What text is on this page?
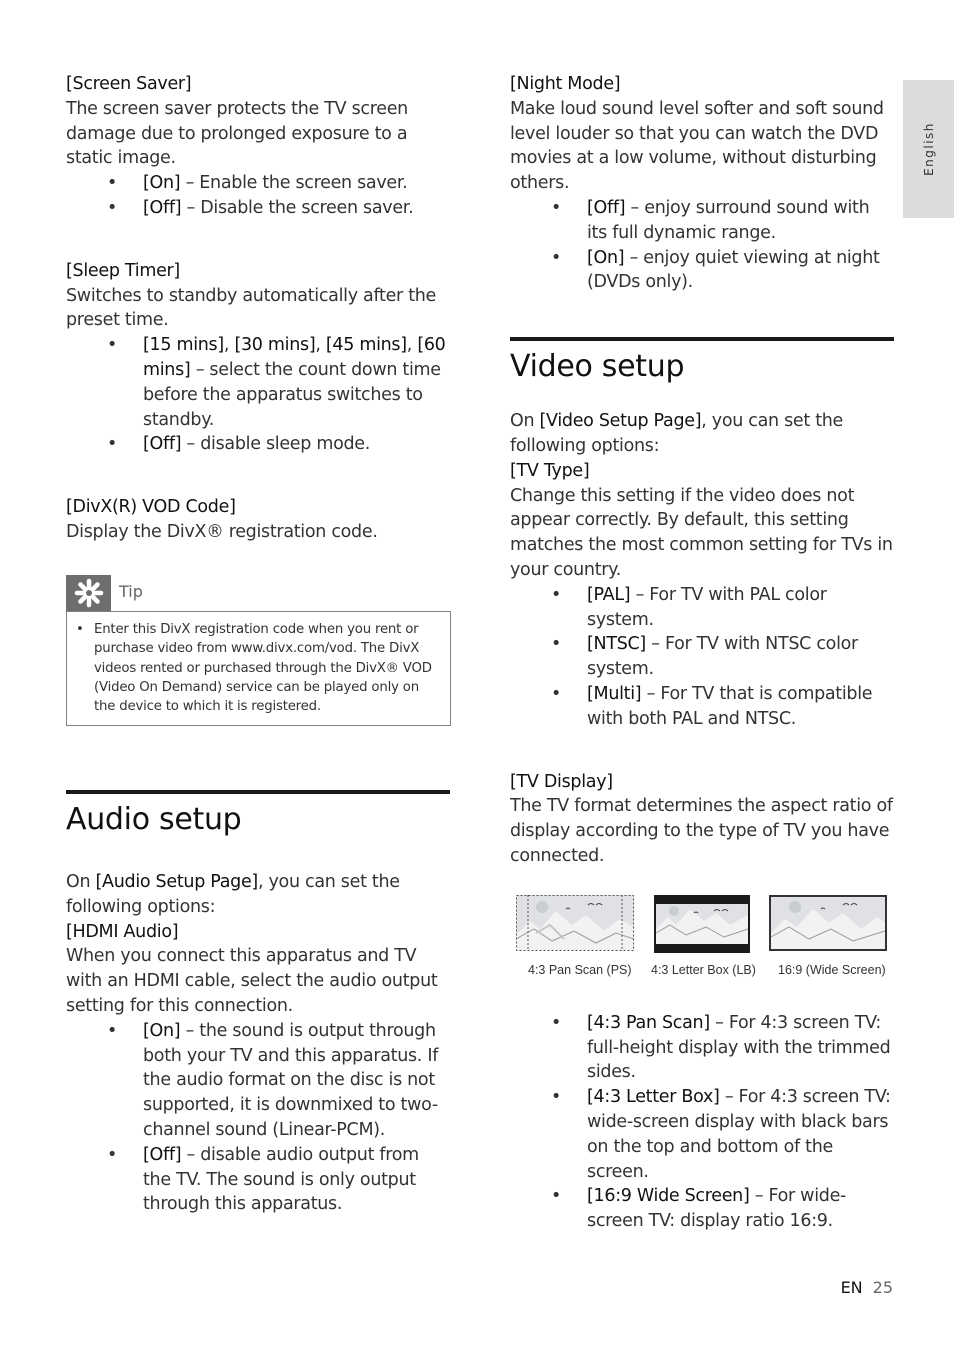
English

[Screen Saver]

The screen saver protects the TV screen damage due to prolonged exposure to a static image.

• [On] – Enable the screen saver.
• [Off] – Disable the screen saver.

[Sleep Timer]

Switches to standby automatically after the preset time.

• [15 mins], [30 mins], [45 mins], [60 mins] – select the count down time before the apparatus switches to standby.
• [Off] – disable sleep mode.

[DivX(R) VOD Code]

Display the DivX® registration code.

Tip
• Enter this DivX registration code when you rent or purchase video from www.divx.com/vod. The DivX videos rented or purchased through the DivX® VOD (Video On Demand) service can be played only on the device to which it is registered.
Audio setup

On [Audio Setup Page], you can set the following options:

[HDMI Audio]

When you connect this apparatus and TV with an HDMI cable, select the audio output setting for this connection.

• [On] – the sound is output through both your TV and this apparatus. If the audio format on the disc is not supported, it is downmixed to two-channel sound (Linear-PCM).
• [Off] – disable audio output from the TV. The sound is only output through this apparatus.

[Night Mode]

Make loud sound level softer and soft sound level louder so that you can watch the DVD movies at a low volume, without disturbing others.

• [Off] – enjoy surround sound with its full dynamic range.
• [On] – enjoy quiet viewing at night (DVDs only).
Video setup

On [Video Setup Page], you can set the following options:

[TV Type]

Change this setting if the video does not appear correctly. By default, this setting matches the most common setting for TVs in your country.

• [PAL] – For TV with PAL color system.
• [NTSC] – For TV with NTSC color system.
• [Multi] – For TV that is compatible with both PAL and NTSC.

[TV Display]

The TV format determines the aspect ratio of display according to the type of TV you have connected.

4:3 Pan Scan (PS) 4:3 Letter Box (LB) 16:9 (Wide Screen)
• [4:3 Pan Scan] – For 4:3 screen TV: full-height display with the trimmed sides.
• [4:3 Letter Box] – For 4:3 screen TV: wide-screen display with black bars on the top and bottom of the screen.
• [16:9 Wide Screen] – For wide-screen TV: display ratio 16:9.
EN 25
